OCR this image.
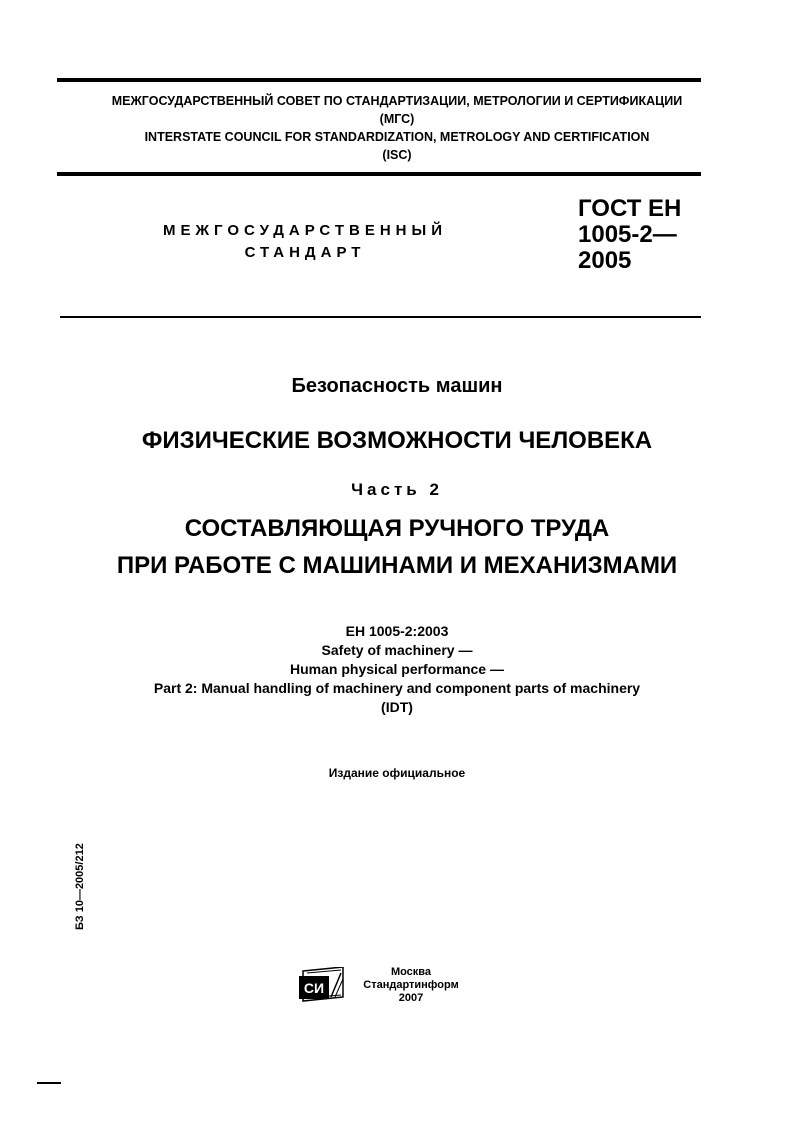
МЕЖГОСУДАРСТВЕННЫЙ СОВЕТ ПО СТАНДАРТИЗАЦИИ, МЕТРОЛОГИИ И СЕРТИФИКАЦИИ
(МГС)
INTERSTATE COUNCIL FOR STANDARDIZATION, METROLOGY AND CERTIFICATION
(ISC)
МЕЖГОСУДАРСТВЕННЫЙ
СТАНДАРТ
ГОСТ ЕН
1005-2—
2005
Безопасность машин
ФИЗИЧЕСКИЕ ВОЗМОЖНОСТИ ЧЕЛОВЕКА
Часть 2
СОСТАВЛЯЮЩАЯ РУЧНОГО ТРУДА
ПРИ РАБОТЕ С МАШИНАМИ И МЕХАНИЗМАМИ
ЕН 1005-2:2003
Safety of machinery —
Human physical performance —
Part 2: Manual handling of machinery and component parts of machinery
(IDT)
Издание официальное
БЗ 10—2005/212
СИ
Москва
Стандартинформ
2007
